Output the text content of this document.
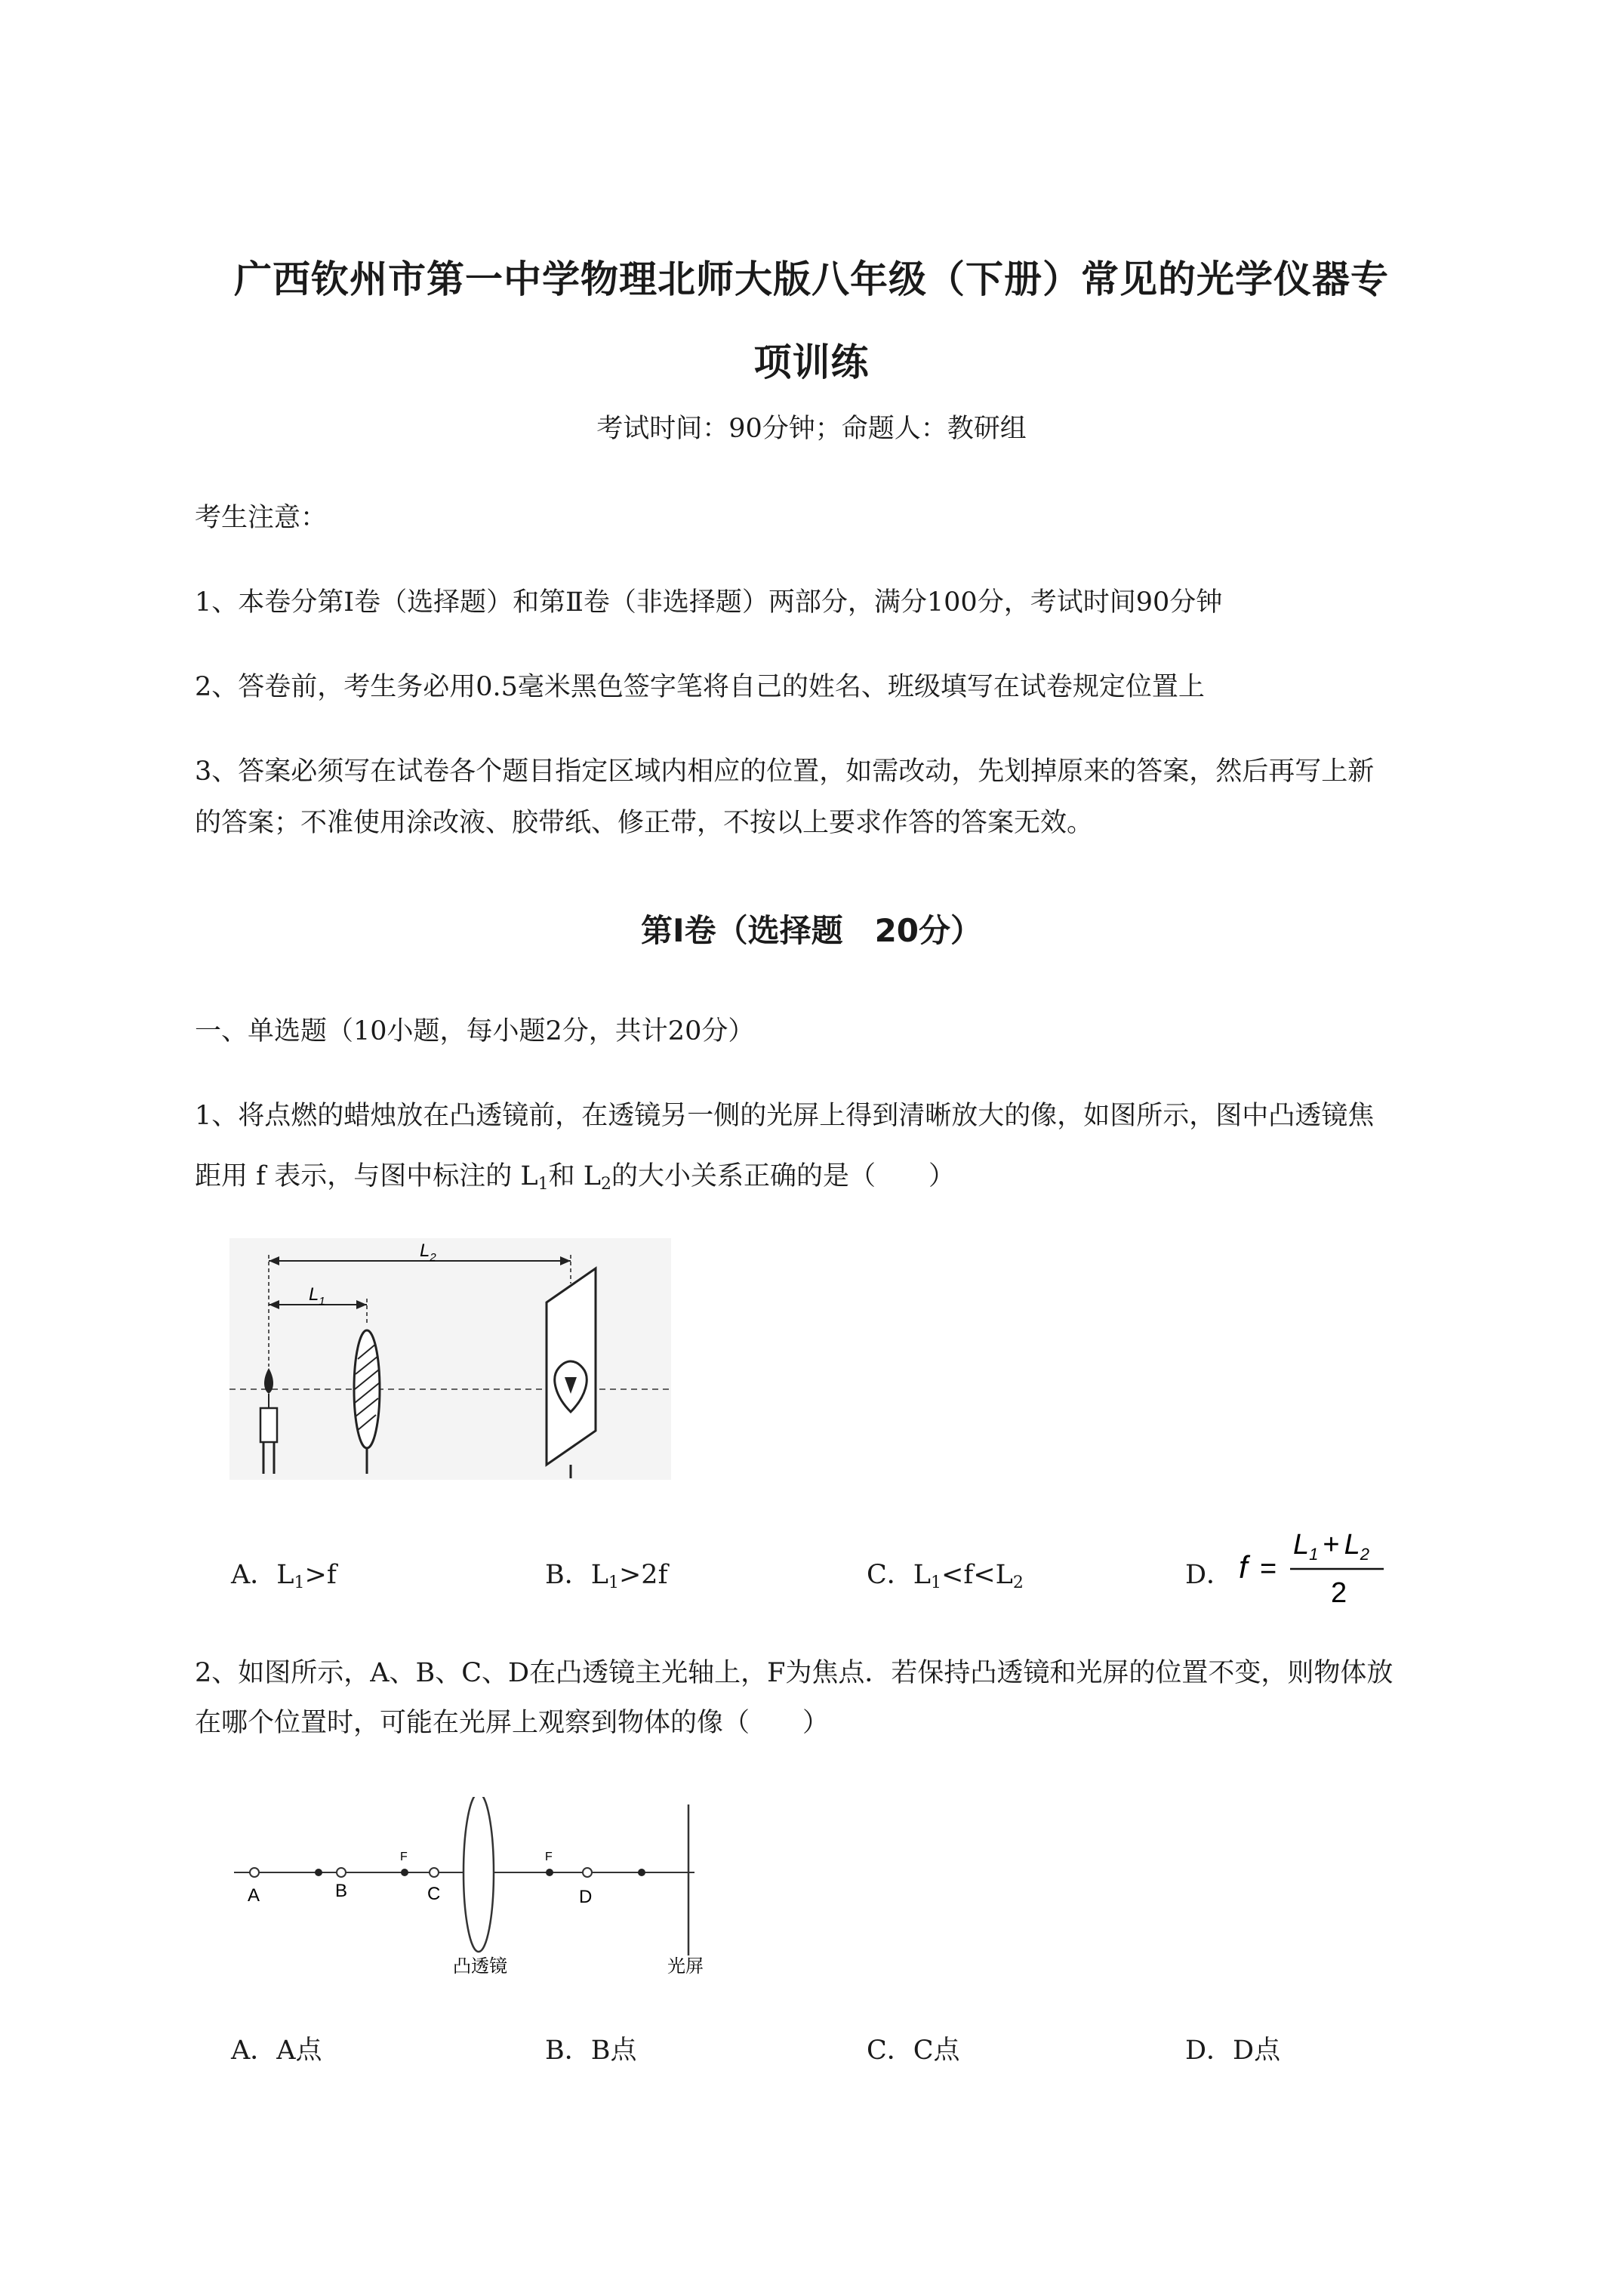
广西钦州市第一中学物理北师大版八年级（下册）常见的光学仪器专
项训练
考试时间：90分钟；命题人：教研组
考生注意：
1、本卷分第Ⅰ卷（选择题）和第Ⅱ卷（非选择题）两部分，满分100分，考试时间90分钟
2、答卷前，考生务必用0.5毫米黑色签字笔将自己的姓名、班级填写在试卷规定位置上
3、答案必须写在试卷各个题目指定区域内相应的位置，如需改动，先划掉原来的答案，然后再写上新
的答案；不准使用涂改液、胶带纸、修正带，不按以上要求作答的答案无效。
第Ⅰ卷（选择题　20分）
一、单选题（10小题，每小题2分，共计20分）
1、将点燃的蜡烛放在凸透镜前，在透镜另一侧的光屏上得到清晰放大的像，如图所示，图中凸透镜焦
距用 f 表示，与图中标注的 $L_1$和 $L_2$的大小关系正确的是（　　）
$L_2$
$L_1$
A．$L_1>f$	B．$L_1>2f$	C．$L_1<f<L_2$	D． f =
$L_1 + L_2$
2
2、如图所示，A、B、C、D在凸透镜主光轴上，F为焦点．若保持凸透镜和光屏的位置不变，则物体放
在哪个位置时，可能在光屏上观察到物体的像（　　）
A	B	C	D
F	F
凸透镜	光屏
A．A点	B．B点	C．C点	D．D点
